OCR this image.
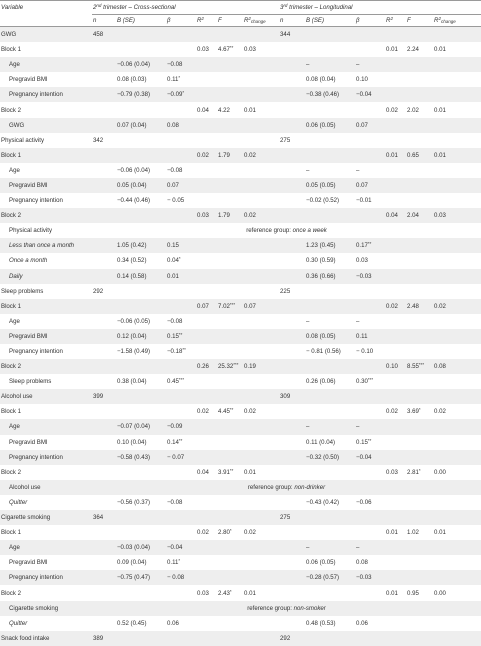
Variable	2nd trimester – Cross-sectional						3rd trimester – Longitudinal					
	n	B (SE)	β	$R^2$	F	$R^2_{change}$	n	B (SE)	β	$R^2$	F	$R^2_{change}$
GWG	458						344					
Block 1				0.03	4.67**	0.03				0.01	2.24	0.01
Age		−0.06 (0.04)	−0.08					–	–			
Pregravid BMI		0.08 (0.03)	0.11*					0.08 (0.04)	0.10			
Pregnancy intention		−0.79 (0.38)	−0.09*					−0.38 (0.46)	−0.04			
Block 2				0.04	4.22	0.01				0.02	2.02	0.01
GWG		0.07 (0.04)	0.08					0.06 (0.05)	0.07			
Physical activity	342						275					
Block 1				0.02	1.79	0.02				0.01	0.65	0.01
Age		−0.06 (0.04)	−0.08					–	–			
Pregravid BMI		0.05 (0.04)	0.07					0.05 (0.05)	0.07			
Pregnancy intention		−0.44 (0.46)	− 0.05					−0.02 (0.52)	−0.01			
Block 2				0.03	1.79	0.02				0.04	2.04	0.03
Physical activity			reference group: once a week									
Less than once a month		1.05 (0.42)	0.15					1.23 (0.45)	0.17**			
Once a month		0.34 (0.52)	0.04*					0.30 (0.59)	0.03			
Daily		0.14 (0.58)	0.01					0.36 (0.66)	−0.03			
Sleep problems	292						225					
Block 1				0.07	7.02***	0.07				0.02	2.48	0.02
Age		−0.06 (0.05)	−0.08					–	–			
Pregravid BMI		0.12 (0.04)	0.15**					0.08 (0.05)	0.11			
Pregnancy intention		−1.58 (0.49)	−0.18**					− 0.81 (0.56)	− 0.10			
Block 2				0.26	25.32***	0.19				0.10	8.55***	0.08
Sleep problems		0.38 (0.04)	0.45***					0.26 (0.06)	0.30***			
Alcohol use	399						309					
Block 1				0.02	4.45**	0.02				0.02	3.69*	0.02
Age		−0.07 (0.04)	−0.09					–	–			
Pregravid BMI		0.10 (0.04)	0.14**					0.11 (0.04)	0.15**			
Pregnancy intention		−0.58 (0.43)	− 0.07					−0.32 (0.50)	−0.04			
Block 2				0.04	3.91**	0.01				0.03	2.81*	0.00
Alcohol use			reference group: non-drinker									
Quitter		−0.56 (0.37)	−0.08					−0.43 (0.42)	−0.06			
Cigarette smoking	364						275					
Block 1				0.02	2.80*	0.02				0.01	1.02	0.01
Age		−0.03 (0.04)	−0.04					–	–			
Pregravid BMI		0.09 (0.04)	0.11*					0.06 (0.05)	0.08			
Pregnancy intention		−0.75 (0.47)	− 0.08					−0.28 (0.57)	−0.03			
Block 2				0.03	2.43*	0.01				0.01	0.95	0.00
Cigarette smoking			reference group: non-smoker									
Quitter		0.52 (0.45)	0.06					0.48 (0.53)	0.06			
Snack food intake	389						292					
